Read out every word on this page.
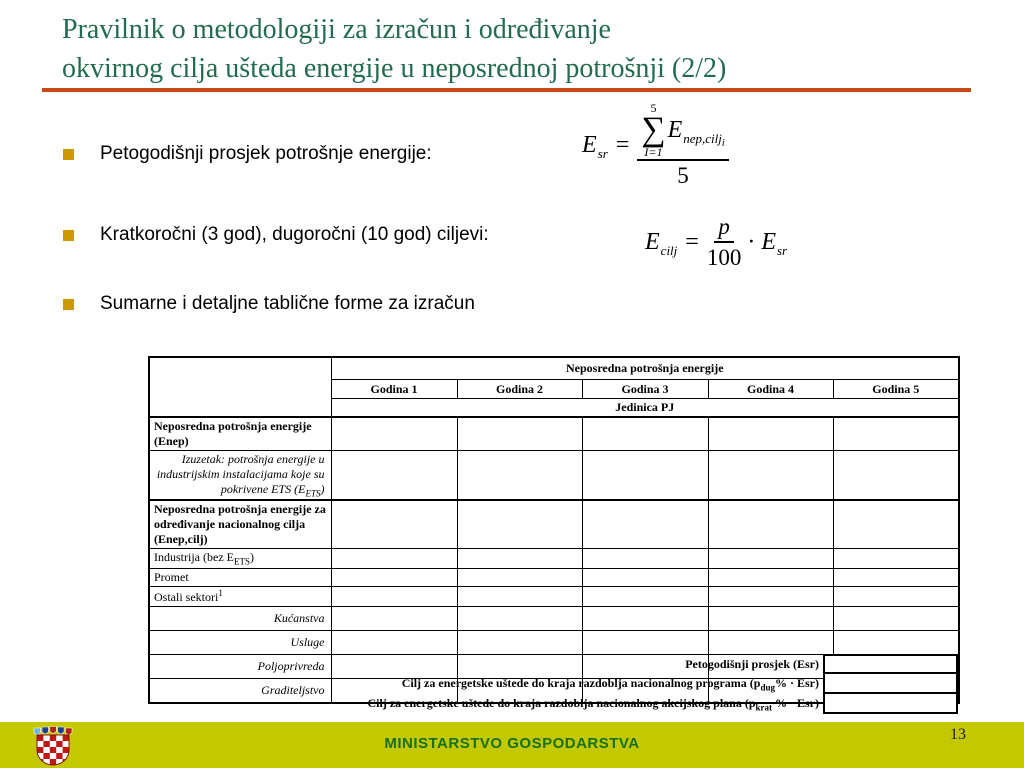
Pravilnik o metodologiji za izračun i određivanje
okvirnog cilja ušteda energije u neposrednoj potrošnji (2/2)
Petogodišnji prosjek potrošnje energije:
Kratkoročni (3 god), dugoročni (10 god) ciljevi:
Sumarne i detaljne tablične forme za izračun
E sr = 5
∑
I=1
E nep,cilj$_i$
5
E cilj = $\frac{p}{100} \cdot E$ sr
	Neposredna potrošnja energije				
	Godina 1	Godina 2	Godina 3	Godina 4	Godina 5
	Jedinica PJ				
Neposredna potrošnja energije (Enep)					
Izuzetak: potrošnja energije u industrijskim instalacijama koje su pokrivene ETS $(E_{ETS})$					
Neposredna potrošnja energije za određivanje nacionalnog cilja (Enep,cilj)					
Industrija (bez $E_{ETS}$)					
Promet					
Ostali sektori$^1$					
Kućanstva					
Usluge					
Poljoprivreda					
Graditeljstvo					
Petogodišnji prosjek (Esr)
Cilj za energetske uštede do kraja razdoblja nacionalnog programa $(p_{dug}\% \cdot Esr)$
Cilj za energetske uštede do kraja razdoblja nacionalnog akcijskog plana ($p_{krat}$ % · Esr)
MINISTARSTVO GOSPODARSTVA
13
